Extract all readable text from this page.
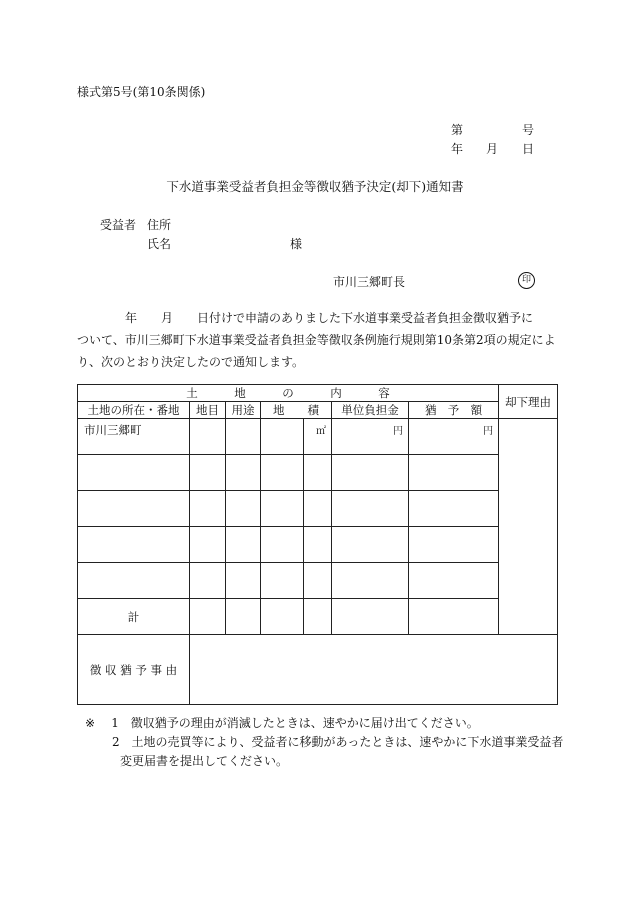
様式第5号(第10条関係)
第	号
年 月 日
下水道事業受益者負担金等徴収猶予決定(却下)通知書
受益者 住所
氏名	様
市川三郷町長	印
　　　　年　　月　　日付けで申請のありました下水道事業受益者負担金徴収猶予に
ついて、市川三郷町下水道事業受益者負担金等徴収条例施行規則第10条第2項の規定によ
り、次のとおり決定したので通知します。
土 地 の 内 容							却下理由
土地の所在・番地	地目	用途	地 積		単位負担金	猶 予 額	

市川三郷町				㎡	円	円	

計							
徴 収 猶 予 事 由							
※ 1 徴収猶予の理由が消滅したときは、速やかに届け出てください。
2 土地の売買等により、受益者に移動があったときは、速やかに下水道事業受益者
変更届書を提出してください。
